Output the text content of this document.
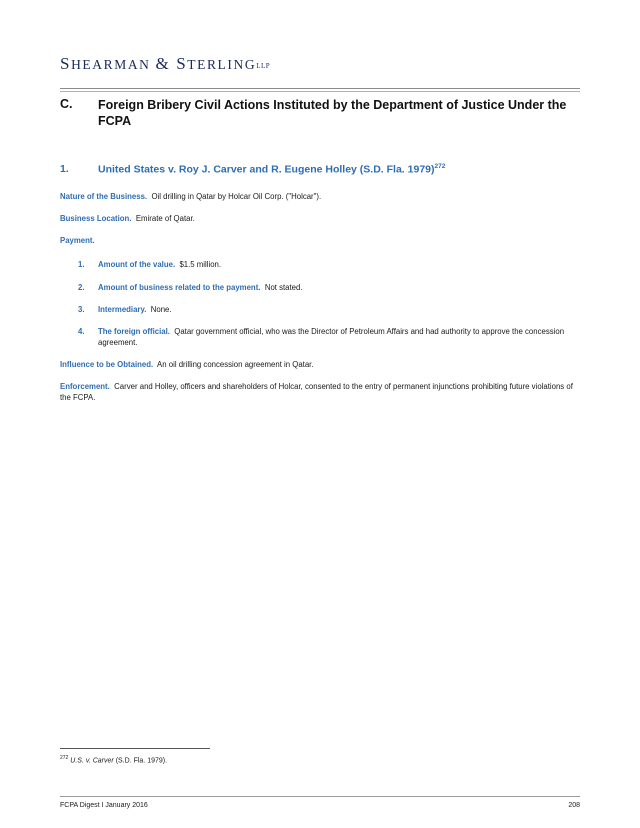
SHEARMAN & STERLINGLLP
C.	Foreign Bribery Civil Actions Instituted by the Department of Justice Under the FCPA
1.	United States v. Roy J. Carver and R. Eugene Holley (S.D. Fla. 1979)$^{272}$
Nature of the Business. Oil drilling in Qatar by Holcar Oil Corp. ("Holcar").
Business Location. Emirate of Qatar.
Payment.
1.	Amount of the value. $1.5 million.
2.	Amount of business related to the payment. Not stated.
3.	Intermediary. None.
4.	The foreign official. Qatar government official, who was the Director of Petroleum Affairs and had authority to approve the concession agreement.
Influence to be Obtained. An oil drilling concession agreement in Qatar.
Enforcement. Carver and Holley, officers and shareholders of Holcar, consented to the entry of permanent injunctions prohibiting future violations of the FCPA.
$^{272}$ U.S. v. Carver (S.D. Fla. 1979).
FCPA Digest I January 2016	208
